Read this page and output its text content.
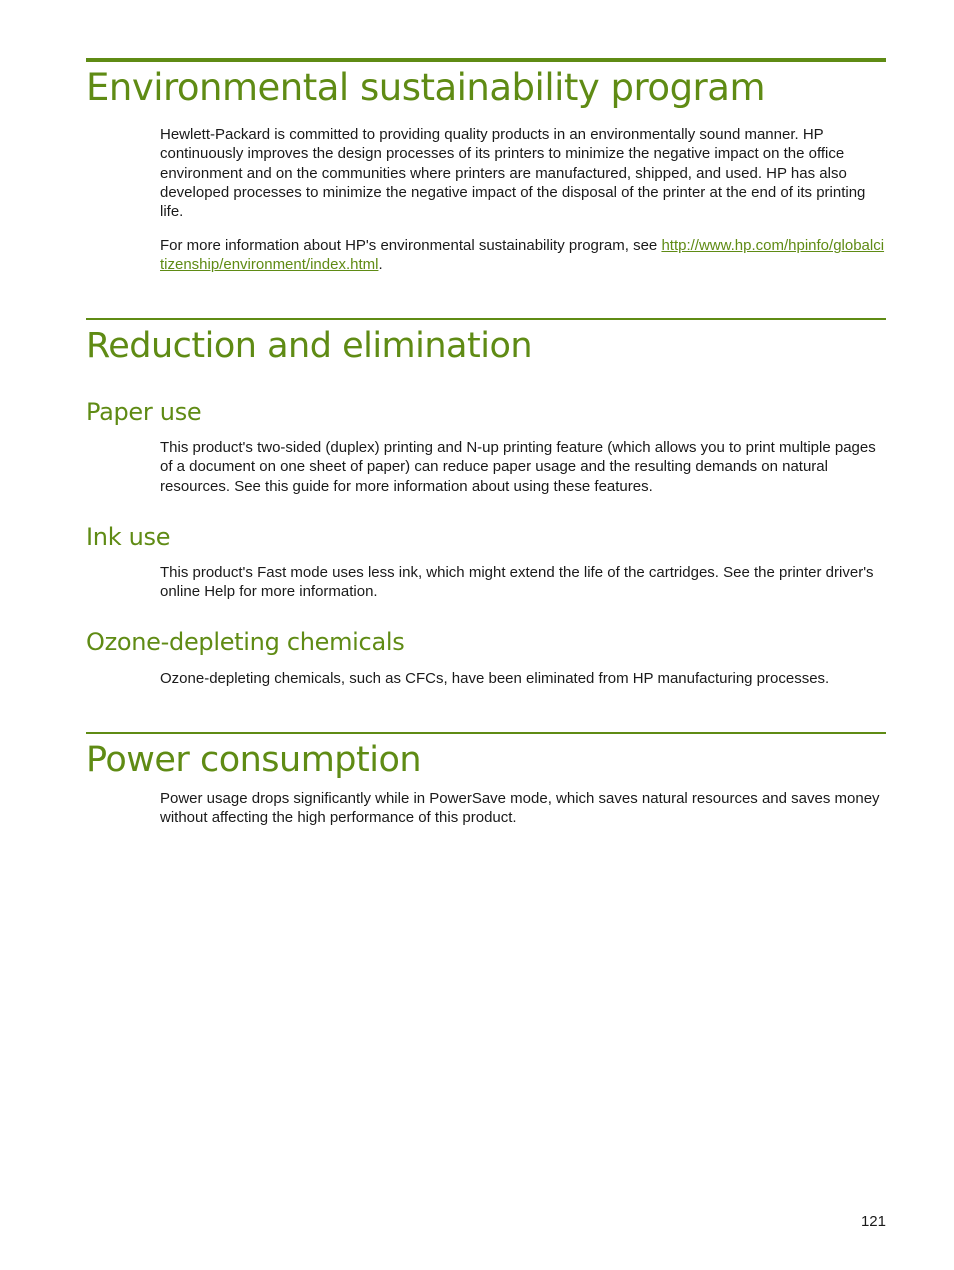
Environmental sustainability program

Hewlett-Packard is committed to providing quality products in an environmentally sound manner. HP continuously improves the design processes of its printers to minimize the negative impact on the office environment and on the communities where printers are manufactured, shipped, and used. HP has also developed processes to minimize the negative impact of the disposal of the printer at the end of its printing life.

For more information about HP's environmental sustainability program, see http://www.hp.com/hpinfo/globalcitizenship/environment/index.html.

Reduction and elimination
Paper use

This product's two-sided (duplex) printing and N-up printing feature (which allows you to print multiple pages of a document on one sheet of paper) can reduce paper usage and the resulting demands on natural resources. See this guide for more information about using these features.

Ink use

This product's Fast mode uses less ink, which might extend the life of the cartridges. See the printer driver's online Help for more information.

Ozone-depleting chemicals

Ozone-depleting chemicals, such as CFCs, have been eliminated from HP manufacturing processes.

Power consumption

Power usage drops significantly while in PowerSave mode, which saves natural resources and saves money without affecting the high performance of this product.

121
